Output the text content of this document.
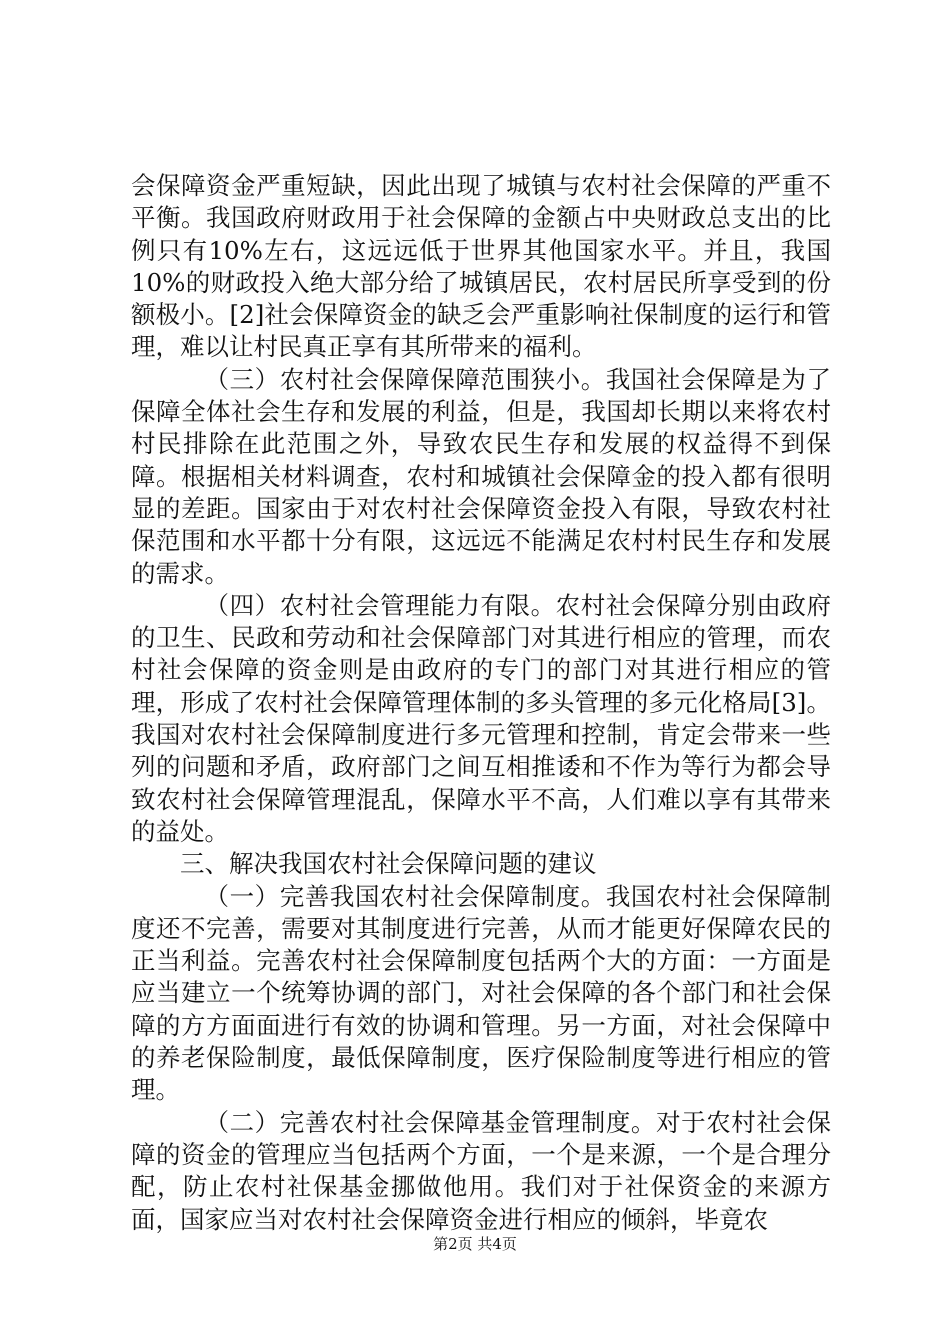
会保障资金严重短缺，因此出现了城镇与农村社会保障的严重不平衡。我国政府财政用于社会保障的金额占中央财政总支出的比例只有10%左右，这远远低于世界其他国家水平。并且，我国10%的财政投入绝大部分给了城镇居民，农村居民所享受到的份额极小。[2]社会保障资金的缺乏会严重影响社保制度的运行和管理，难以让村民真正享有其所带来的福利。

（三）农村社会保障保障范围狭小。我国社会保障是为了保障全体社会生存和发展的利益，但是，我国却长期以来将农村村民排除在此范围之外，导致农民生存和发展的权益得不到保障。根据相关材料调查，农村和城镇社会保障金的投入都有很明显的差距。国家由于对农村社会保障资金投入有限，导致农村社保范围和水平都十分有限，这远远不能满足农村村民生存和发展的需求。

（四）农村社会管理能力有限。农村社会保障分别由政府的卫生、民政和劳动和社会保障部门对其进行相应的管理，而农村社会保障的资金则是由政府的专门的部门对其进行相应的管理，形成了农村社会保障管理体制的多头管理的多元化格局[3]。我国对农村社会保障制度进行多元管理和控制，肯定会带来一些列的问题和矛盾，政府部门之间互相推诿和不作为等行为都会导致农村社会保障管理混乱，保障水平不高，人们难以享有其带来的益处。

三、解决我国农村社会保障问题的建议

（一）完善我国农村社会保障制度。我国农村社会保障制度还不完善，需要对其制度进行完善，从而才能更好保障农民的正当利益。完善农村社会保障制度包括两个大的方面：一方面是应当建立一个统筹协调的部门，对社会保障的各个部门和社会保障的方方面面进行有效的协调和管理。另一方面，对社会保障中的养老保险制度，最低保障制度，医疗保险制度等进行相应的管理。

（二）完善农村社会保障基金管理制度。对于农村社会保障的资金的管理应当包括两个方面，一个是来源，一个是合理分配，防止农村社保基金挪做他用。我们对于社保资金的来源方面，国家应当对农村社会保障资金进行相应的倾斜，毕竟农

第2页 共4页
